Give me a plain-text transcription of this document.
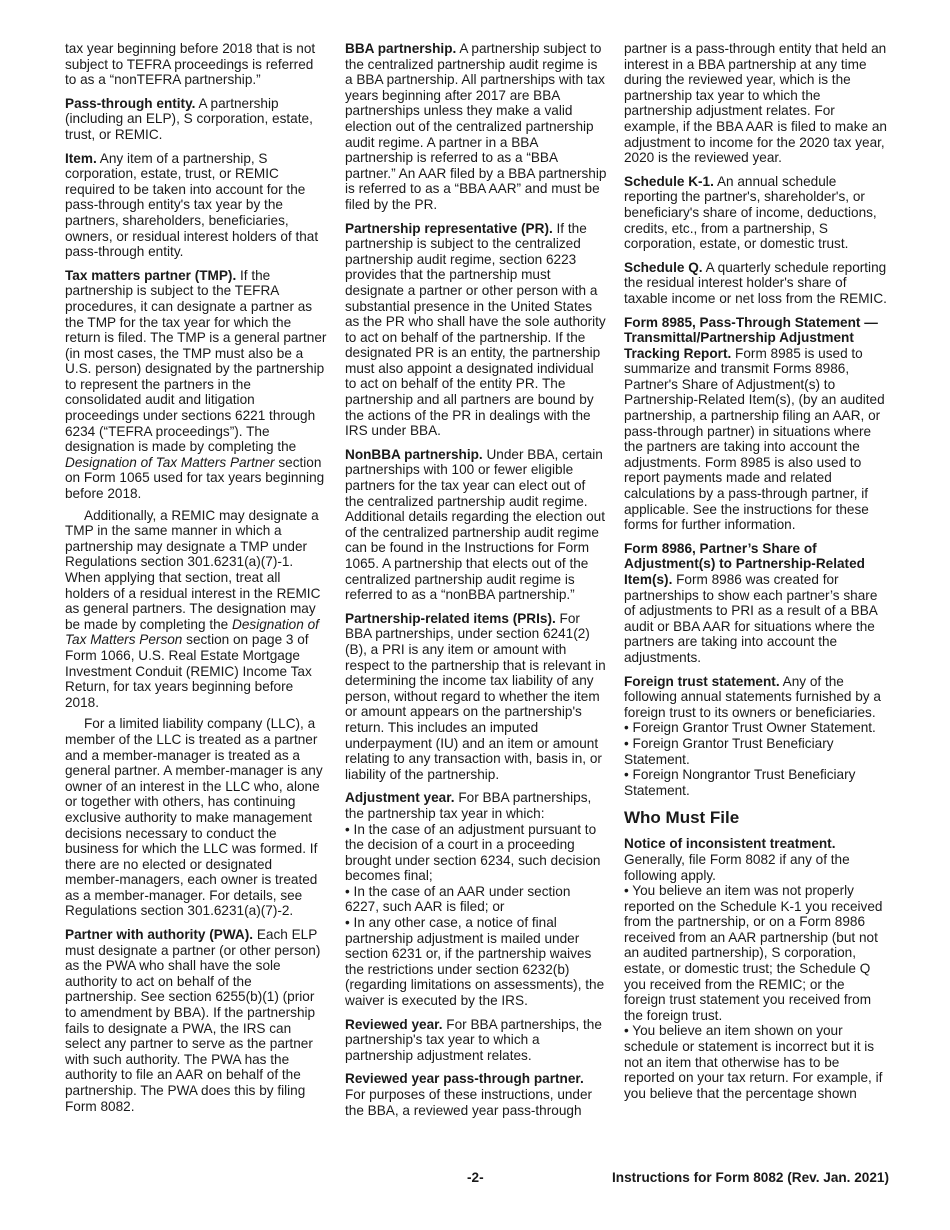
tax year beginning before 2018 that is not subject to TEFRA proceedings is referred to as a “nonTEFRA partnership.”

Pass-through entity. A partnership (including an ELP), S corporation, estate, trust, or REMIC.

Item. Any item of a partnership, S corporation, estate, trust, or REMIC required to be taken into account for the pass-through entity's tax year by the partners, shareholders, beneficiaries, owners, or residual interest holders of that pass-through entity.

Tax matters partner (TMP). If the partnership is subject to the TEFRA procedures, it can designate a partner as the TMP for the tax year for which the return is filed. The TMP is a general partner (in most cases, the TMP must also be a U.S. person) designated by the partnership to represent the partners in the consolidated audit and litigation proceedings under sections 6221 through 6234 (“TEFRA proceedings”). The designation is made by completing the Designation of Tax Matters Partner section on Form 1065 used for tax years beginning before 2018.

Additionally, a REMIC may designate a TMP in the same manner in which a partnership may designate a TMP under Regulations section 301.6231(a)(7)-1. When applying that section, treat all holders of a residual interest in the REMIC as general partners. The designation may be made by completing the Designation of Tax Matters Person section on page 3 of Form 1066, U.S. Real Estate Mortgage Investment Conduit (REMIC) Income Tax Return, for tax years beginning before 2018.

For a limited liability company (LLC), a member of the LLC is treated as a partner and a member-manager is treated as a general partner. A member-manager is any owner of an interest in the LLC who, alone or together with others, has continuing exclusive authority to make management decisions necessary to conduct the business for which the LLC was formed. If there are no elected or designated member-managers, each owner is treated as a member-manager. For details, see Regulations section 301.6231(a)(7)-2.

Partner with authority (PWA). Each ELP must designate a partner (or other person) as the PWA who shall have the sole authority to act on behalf of the partnership. See section 6255(b)(1) (prior to amendment by BBA). If the partnership fails to designate a PWA, the IRS can select any partner to serve as the partner with such authority. The PWA has the authority to file an AAR on behalf of the partnership. The PWA does this by filing Form 8082.

BBA partnership. A partnership subject to the centralized partnership audit regime is a BBA partnership. All partnerships with tax years beginning after 2017 are BBA partnerships unless they make a valid election out of the centralized partnership audit regime. A partner in a BBA partnership is referred to as a “BBA partner.” An AAR filed by a BBA partnership is referred to as a “BBA AAR” and must be filed by the PR.

Partnership representative (PR). If the partnership is subject to the centralized partnership audit regime, section 6223 provides that the partnership must designate a partner or other person with a substantial presence in the United States as the PR who shall have the sole authority to act on behalf of the partnership. If the designated PR is an entity, the partnership must also appoint a designated individual to act on behalf of the entity PR. The partnership and all partners are bound by the actions of the PR in dealings with the IRS under BBA.

NonBBA partnership. Under BBA, certain partnerships with 100 or fewer eligible partners for the tax year can elect out of the centralized partnership audit regime. Additional details regarding the election out of the centralized partnership audit regime can be found in the Instructions for Form 1065. A partnership that elects out of the centralized partnership audit regime is referred to as a “nonBBA partnership.”

Partnership-related items (PRIs). For BBA partnerships, under section 6241(2)(B), a PRI is any item or amount with respect to the partnership that is relevant in determining the income tax liability of any person, without regard to whether the item or amount appears on the partnership's return. This includes an imputed underpayment (IU) and an item or amount relating to any transaction with, basis in, or liability of the partnership.

Adjustment year. For BBA partnerships, the partnership tax year in which:

• In the case of an adjustment pursuant to the decision of a court in a proceeding brought under section 6234, such decision becomes final;
• In the case of an AAR under section 6227, such AAR is filed; or
• In any other case, a notice of final partnership adjustment is mailed under section 6231 or, if the partnership waives the restrictions under section 6232(b) (regarding limitations on assessments), the waiver is executed by the IRS.

Reviewed year. For BBA partnerships, the partnership's tax year to which a partnership adjustment relates.

Reviewed year pass-through partner. For purposes of these instructions, under the BBA, a reviewed year pass-through

partner is a pass-through entity that held an interest in a BBA partnership at any time during the reviewed year, which is the partnership tax year to which the partnership adjustment relates. For example, if the BBA AAR is filed to make an adjustment to income for the 2020 tax year, 2020 is the reviewed year.

Schedule K-1. An annual schedule reporting the partner's, shareholder's, or beneficiary's share of income, deductions, credits, etc., from a partnership, S corporation, estate, or domestic trust.

Schedule Q. A quarterly schedule reporting the residual interest holder's share of taxable income or net loss from the REMIC.

Form 8985, Pass-Through Statement —Transmittal/Partnership Adjustment Tracking Report. Form 8985 is used to summarize and transmit Forms 8986, Partner's Share of Adjustment(s) to Partnership-Related Item(s), (by an audited partnership, a partnership filing an AAR, or pass-through partner) in situations where the partners are taking into account the adjustments. Form 8985 is also used to report payments made and related calculations by a pass-through partner, if applicable. See the instructions for these forms for further information.

Form 8986, Partner’s Share of Adjustment(s) to Partnership-Related Item(s). Form 8986 was created for partnerships to show each partner’s share of adjustments to PRI as a result of a BBA audit or BBA AAR for situations where the partners are taking into account the adjustments.

Foreign trust statement. Any of the following annual statements furnished by a foreign trust to its owners or beneficiaries.

• Foreign Grantor Trust Owner Statement.
• Foreign Grantor Trust Beneficiary Statement.
• Foreign Nongrantor Trust Beneficiary Statement.
Who Must File

Notice of inconsistent treatment. Generally, file Form 8082 if any of the following apply.

• You believe an item was not properly reported on the Schedule K-1 you received from the partnership, or on a Form 8986 received from an AAR partnership (but not an audited partnership), S corporation, estate, or domestic trust; the Schedule Q you received from the REMIC; or the foreign trust statement you received from the foreign trust.
• You believe an item shown on your schedule or statement is incorrect but it is not an item that otherwise has to be reported on your tax return. For example, if you believe that the percentage shown
-2-	Instructions for Form 8082 (Rev. Jan. 2021)
